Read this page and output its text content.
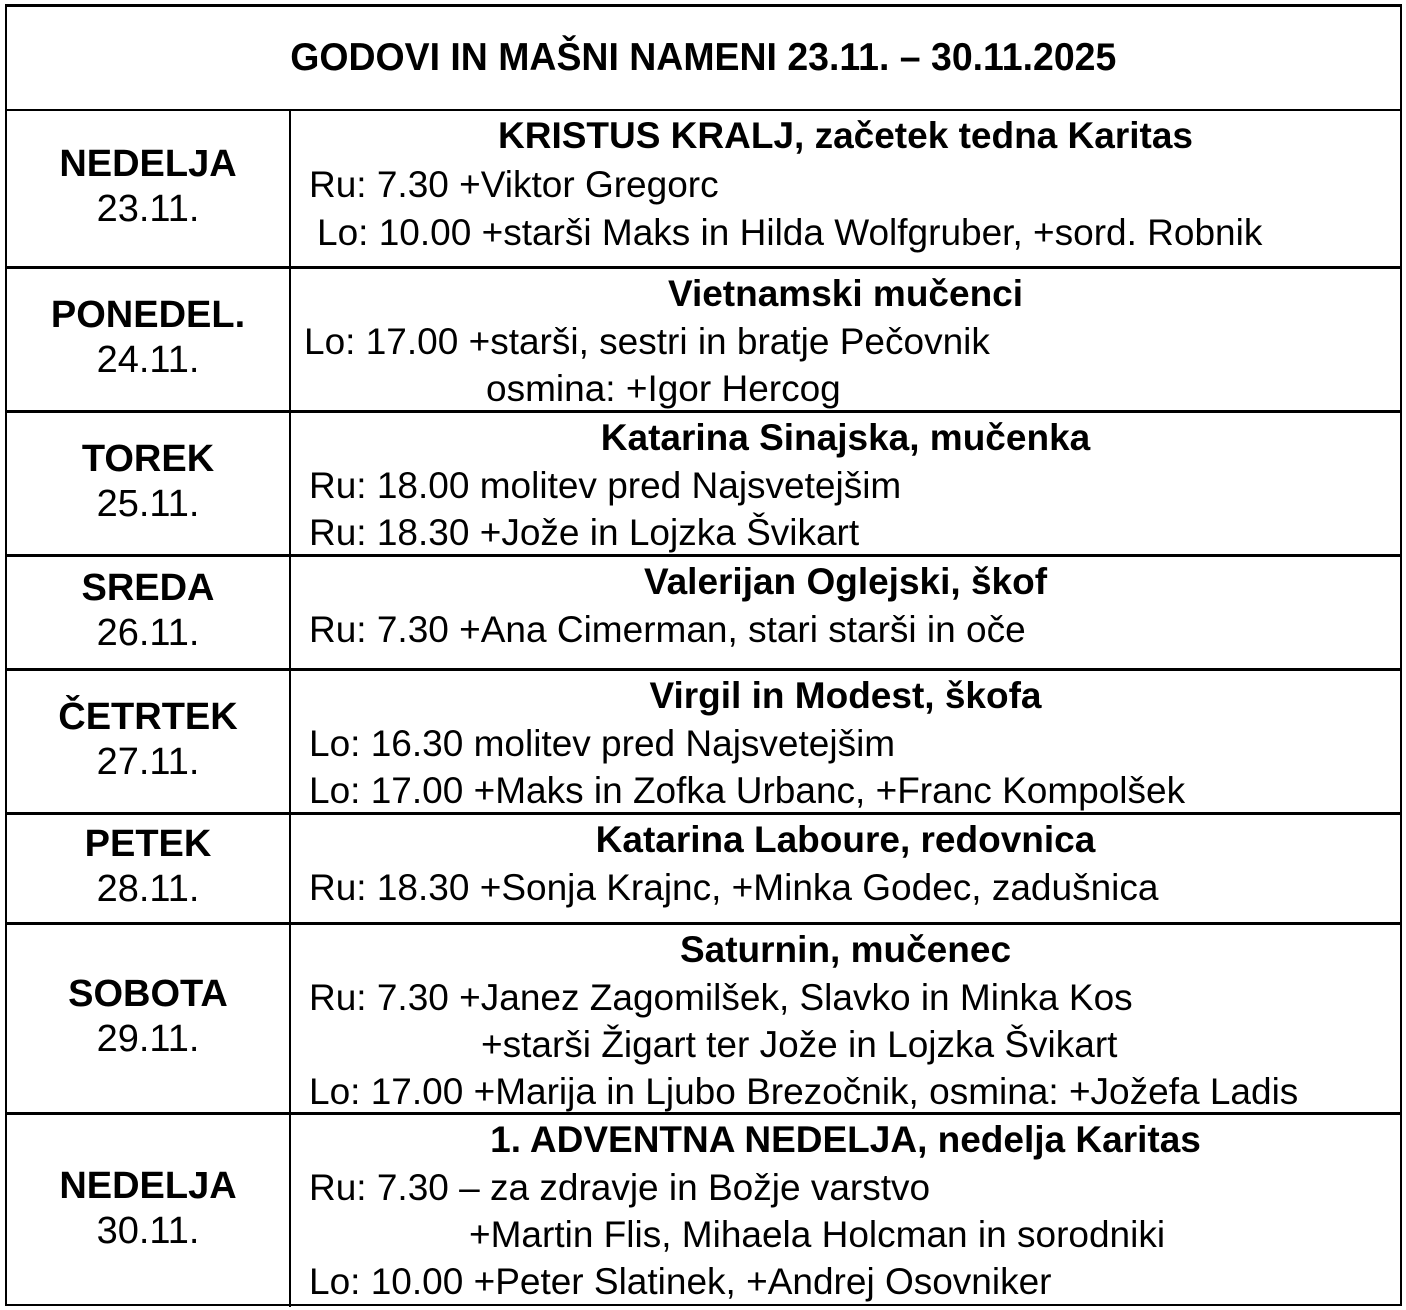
GODOVI IN MAŠNI NAMENI 23.11. – 30.11.2025
NEDELJA
23.11.
KRISTUS KRALJ, začetek tedna Karitas
Ru: 7.30 +Viktor Gregorc
Lo: 10.00 +starši Maks in Hilda Wolfgruber, +sord. Robnik
PONEDEL.
24.11.
Vietnamski mučenci
Lo: 17.00 +starši, sestri in bratje Pečovnik
osmina: +Igor Hercog
TOREK
25.11.
Katarina Sinajska, mučenka
Ru: 18.00 molitev pred Najsvetejšim
Ru: 18.30 +Jože in Lojzka Švikart
SREDA
26.11.
Valerijan Oglejski, škof
Ru: 7.30 +Ana Cimerman, stari starši in oče
ČETRTEK
27.11.
Virgil in Modest, škofa
Lo: 16.30 molitev pred Najsvetejšim
Lo: 17.00 +Maks in Zofka Urbanc, +Franc Kompolšek
PETEK
28.11.
Katarina Laboure, redovnica
Ru: 18.30 +Sonja Krajnc, +Minka Godec, zadušnica
SOBOTA
29.11.
Saturnin, mučenec
Ru: 7.30 +Janez Zagomilšek, Slavko in Minka Kos
+starši Žigart ter Jože in Lojzka Švikart
Lo: 17.00 +Marija in Ljubo Brezočnik, osmina: +Jožefa Ladis
NEDELJA
30.11.
1. ADVENTNA NEDELJA, nedelja Karitas
Ru: 7.30 – za zdravje in Božje varstvo
+Martin Flis, Mihaela Holcman in sorodniki
Lo: 10.00 +Peter Slatinek, +Andrej Osovniker
